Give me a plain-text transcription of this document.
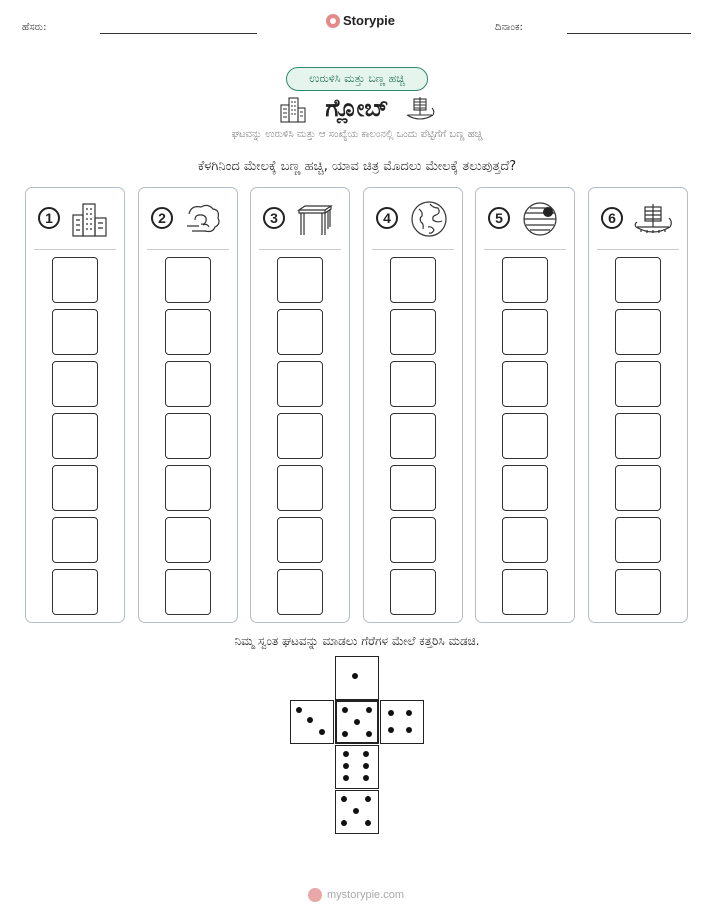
ಹೆಸರು:	Storypie	ದಿನಾಂಕ:
ಉರುಳಿಸಿ ಮತ್ತು ಬಣ್ಣ ಹಚ್ಚಿ
ಗ್ಲೋಬ್
ಘಟವನ್ನು ಉರುಳಿಸಿ ಮತ್ತು ಆ ಸಂಖ್ಯೆಯ ಕಾಲಂನಲ್ಲಿ ಒಂದು ಪೆಟ್ಟಿಗೆಗೆ ಬಣ್ಣ ಹಚ್ಚಿ
ಕೆಳಗಿನಿಂದ ಮೇಲಕ್ಕೆ ಬಣ್ಣ ಹಚ್ಚಿ, ಯಾವ ಚಿತ್ರ ಮೊದಲು ಮೇಲಕ್ಕೆ ತಲುಪುತ್ತದೆ?
1	2	3	4	5	6
ನಿಮ್ಮ ಸ್ವಂತ ಘಟವನ್ನು ಮಾಡಲು ಗೆರೆಗಳ ಮೇಲೆ ಕತ್ತರಿಸಿ ಮಡಚಿ.
mystorypie.com
